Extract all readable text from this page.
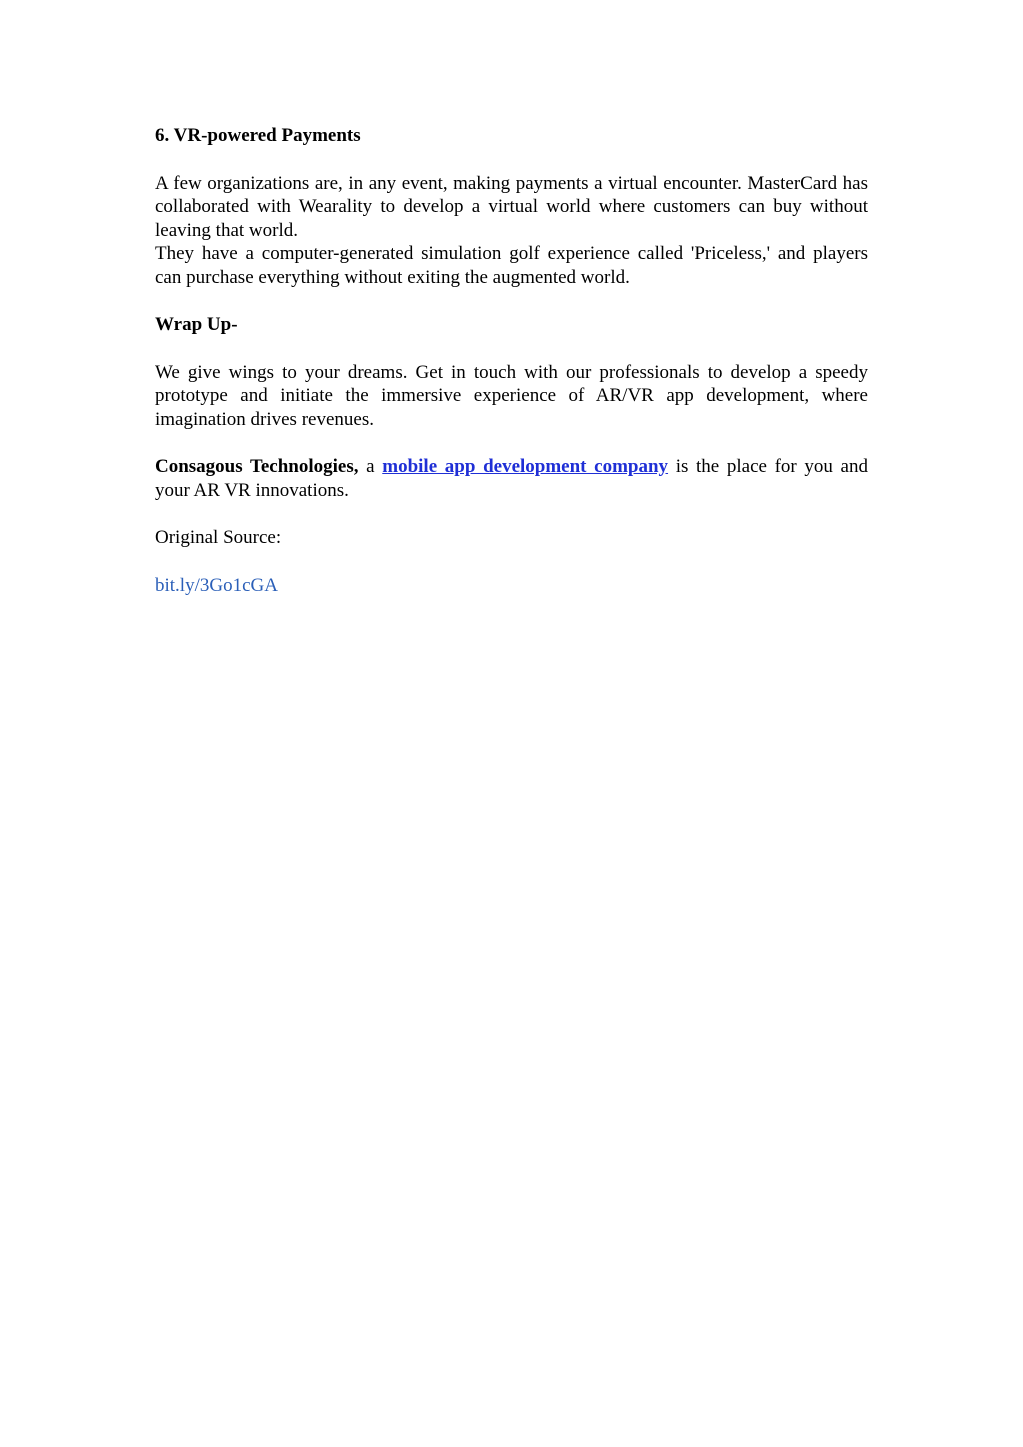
6. VR-powered Payments
A few organizations are, in any event, making payments a virtual encounter. MasterCard has collaborated with Wearality to develop a virtual world where customers can buy without leaving that world.
They have a computer-generated simulation golf experience called 'Priceless,' and players can purchase everything without exiting the augmented world.
Wrap Up-
We give wings to your dreams. Get in touch with our professionals to develop a speedy prototype and initiate the immersive experience of AR/VR app development, where imagination drives revenues.
Consagous Technologies, a mobile app development company is the place for you and your AR VR innovations.
Original Source:
bit.ly/3Go1cGA
